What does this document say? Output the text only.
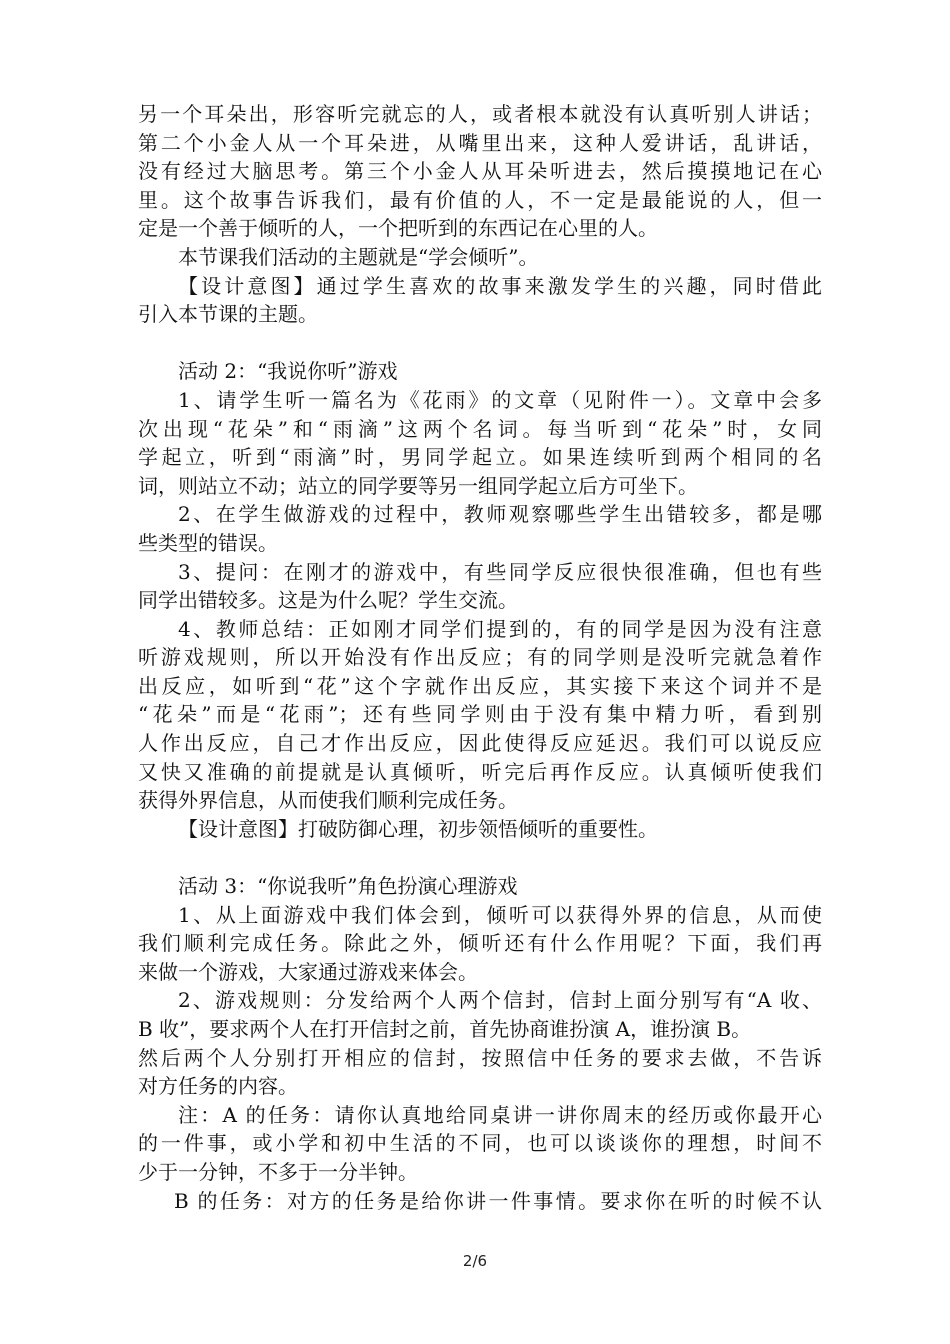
另一个耳朵出，形容听完就忘的人，或者根本就没有认真听别人讲话；
第二个小金人从一个耳朵进，从嘴里出来，这种人爱讲话，乱讲话，
没有经过大脑思考。第三个小金人从耳朵听进去，然后摸摸地记在心
里。这个故事告诉我们，最有价值的人，不一定是最能说的人，但一
定是一个善于倾听的人，一个把听到的东西记在心里的人。
本节课我们活动的主题就是“学会倾听”。
【设计意图】通过学生喜欢的故事来激发学生的兴趣，同时借此
引入本节课的主题。
活动 2：“我说你听”游戏
1、请学生听一篇名为《花雨》的文章（见附件一）。文章中会多
次出现“花朵”和“雨滴”这两个名词。每当听到“花朵”时，女同
学起立，听到“雨滴”时，男同学起立。如果连续听到两个相同的名
词，则站立不动；站立的同学要等另一组同学起立后方可坐下。
2、在学生做游戏的过程中，教师观察哪些学生出错较多，都是哪
些类型的错误。
3、提问：在刚才的游戏中，有些同学反应很快很准确，但也有些
同学出错较多。这是为什么呢？学生交流。
4、教师总结：正如刚才同学们提到的，有的同学是因为没有注意
听游戏规则，所以开始没有作出反应；有的同学则是没听完就急着作
出反应，如听到“花”这个字就作出反应，其实接下来这个词并不是
“花朵”而是“花雨”；还有些同学则由于没有集中精力听，看到别
人作出反应，自己才作出反应，因此使得反应延迟。我们可以说反应
又快又准确的前提就是认真倾听，听完后再作反应。认真倾听使我们
获得外界信息，从而使我们顺利完成任务。
【设计意图】打破防御心理，初步领悟倾听的重要性。
活动 3：“你说我听”角色扮演心理游戏
1、从上面游戏中我们体会到，倾听可以获得外界的信息，从而使
我们顺利完成任务。除此之外，倾听还有什么作用呢？下面，我们再
来做一个游戏，大家通过游戏来体会。
2、游戏规则：分发给两个人两个信封，信封上面分别写有“A 收、
B 收”，要求两个人在打开信封之前，首先协商谁扮演 A，谁扮演 B。
然后两个人分别打开相应的信封，按照信中任务的要求去做，不告诉
对方任务的内容。
注：A 的任务：请你认真地给同桌讲一讲你周末的经历或你最开心
的一件事，或小学和初中生活的不同，也可以谈谈你的理想，时间不
少于一分钟，不多于一分半钟。
B 的任务：对方的任务是给你讲一件事情。要求你在听的时候不认
2/6
